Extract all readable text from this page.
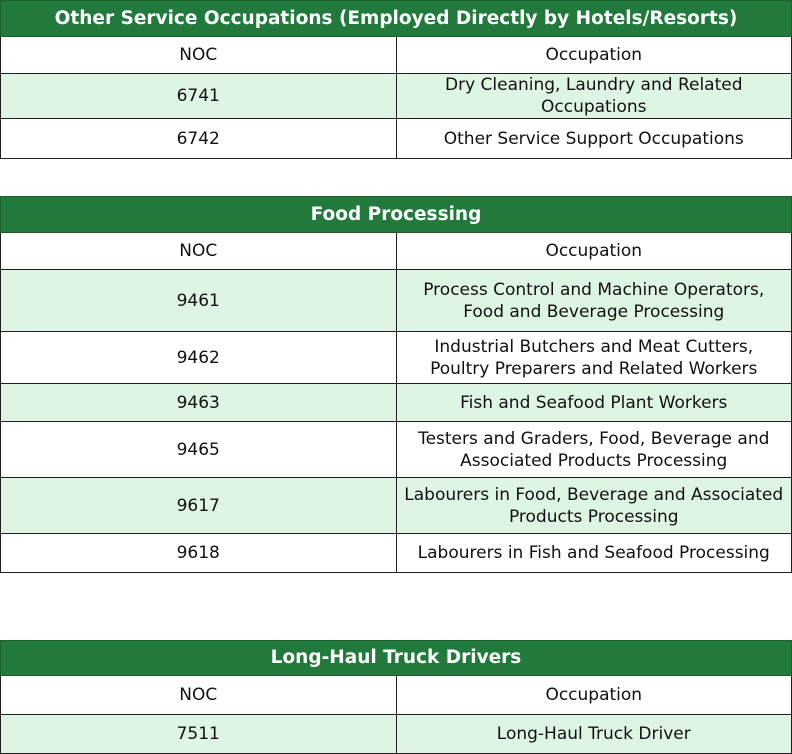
Other Service Occupations (Employed Directly by Hotels/Resorts)	
NOC	Occupation
6741	Dry Cleaning, Laundry and Related Occupations
6742	Other Service Support Occupations
Food Processing	
NOC	Occupation
9461	Process Control and Machine Operators, Food and Beverage Processing
9462	Industrial Butchers and Meat Cutters, Poultry Preparers and Related Workers
9463	Fish and Seafood Plant Workers
9465	Testers and Graders, Food, Beverage and Associated Products Processing
9617	Labourers in Food, Beverage and Associated Products Processing
9618	Labourers in Fish and Seafood Processing
Long-Haul Truck Drivers	
NOC	Occupation
7511	Long-Haul Truck Driver
